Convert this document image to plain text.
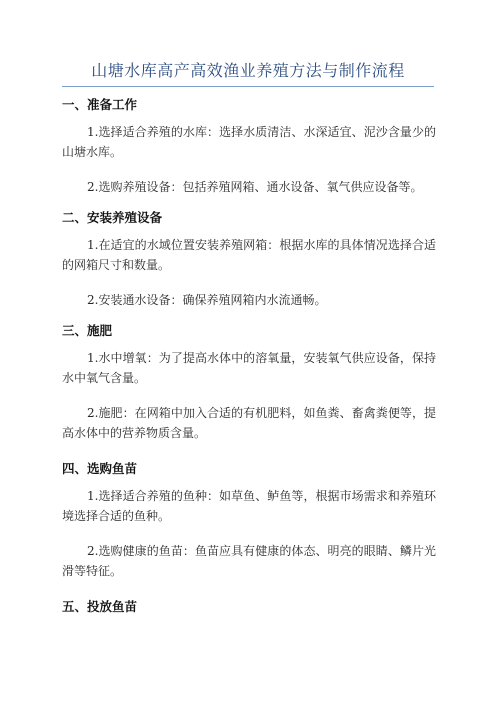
山塘水库高产高效渔业养殖方法与制作流程
一、准备工作

1.选择适合养殖的水库：选择水质清洁、水深适宜、泥沙含量少的山塘水库。

2.选购养殖设备：包括养殖网箱、通水设备、氧气供应设备等。

二、安装养殖设备

1.在适宜的水域位置安装养殖网箱：根据水库的具体情况选择合适的网箱尺寸和数量。

2.安装通水设备：确保养殖网箱内水流通畅。

三、施肥

1.水中增氧：为了提高水体中的溶氧量，安装氧气供应设备，保持水中氧气含量。

2.施肥：在网箱中加入合适的有机肥料，如鱼粪、畜禽粪便等，提高水体中的营养物质含量。

四、选购鱼苗

1.选择适合养殖的鱼种：如草鱼、鲈鱼等，根据市场需求和养殖环境选择合适的鱼种。

2.选购健康的鱼苗：鱼苗应具有健康的体态、明亮的眼睛、鳞片光滑等特征。

五、投放鱼苗
